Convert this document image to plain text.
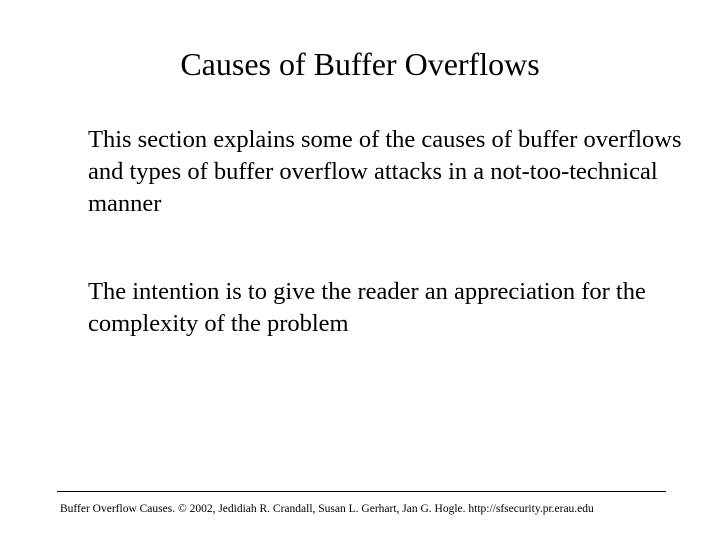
Causes of Buffer Overflows

This section explains some of the causes of buffer overflows and types of buffer overflow attacks in a not-too-technical manner

The intention is to give the reader an appreciation for the complexity of the problem

Buffer Overflow Causes. © 2002, Jedidiah R. Crandall, Susan L. Gerhart, Jan G. Hogle. http://sfsecurity.pr.erau.edu
